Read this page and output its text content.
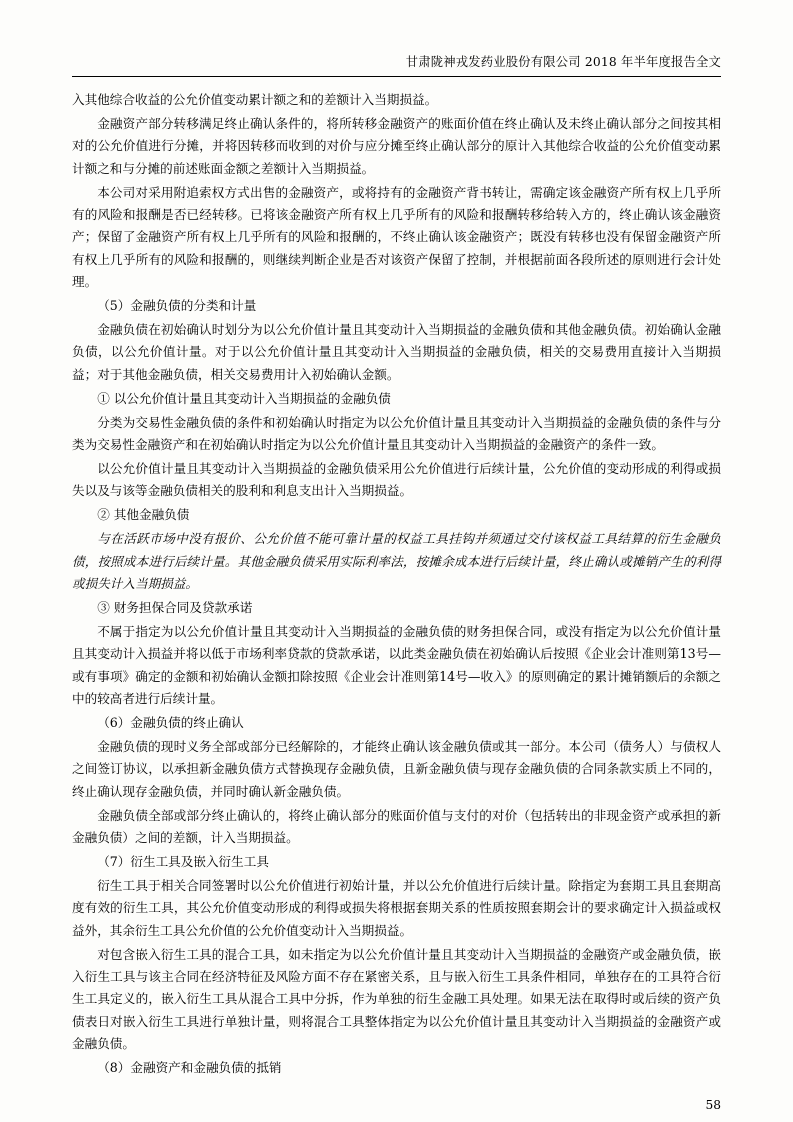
甘肃陇神戎发药业股份有限公司 2018 年半年度报告全文

入其他综合收益的公允价值变动累计额之和的差额计入当期损益。

金融资产部分转移满足终止确认条件的，将所转移金融资产的账面价值在终止确认及未终止确认部分之间按其相对的公允价值进行分摊，并将因转移而收到的对价与应分摊至终止确认部分的原计入其他综合收益的公允价值变动累计额之和与分摊的前述账面金额之差额计入当期损益。

本公司对采用附追索权方式出售的金融资产，或将持有的金融资产背书转让，需确定该金融资产所有权上几乎所有的风险和报酬是否已经转移。已将该金融资产所有权上几乎所有的风险和报酬转移给转入方的，终止确认该金融资产；保留了金融资产所有权上几乎所有的风险和报酬的，不终止确认该金融资产；既没有转移也没有保留金融资产所有权上几乎所有的风险和报酬的，则继续判断企业是否对该资产保留了控制，并根据前面各段所述的原则进行会计处理。

（5）金融负债的分类和计量

金融负债在初始确认时划分为以公允价值计量且其变动计入当期损益的金融负债和其他金融负债。初始确认金融负债，以公允价值计量。对于以公允价值计量且其变动计入当期损益的金融负债，相关的交易费用直接计入当期损益；对于其他金融负债，相关交易费用计入初始确认金额。

① 以公允价值计量且其变动计入当期损益的金融负债

分类为交易性金融负债的条件和初始确认时指定为以公允价值计量且其变动计入当期损益的金融负债的条件与分类为交易性金融资产和在初始确认时指定为以公允价值计量且其变动计入当期损益的金融资产的条件一致。

以公允价值计量且其变动计入当期损益的金融负债采用公允价值进行后续计量，公允价值的变动形成的利得或损失以及与该等金融负债相关的股利和利息支出计入当期损益。

② 其他金融负债

与在活跃市场中没有报价、公允价值不能可靠计量的权益工具挂钩并须通过交付该权益工具结算的衍生金融负债，按照成本进行后续计量。其他金融负债采用实际利率法，按摊余成本进行后续计量，终止确认或摊销产生的利得或损失计入当期损益。

③ 财务担保合同及贷款承诺

不属于指定为以公允价值计量且其变动计入当期损益的金融负债的财务担保合同，或没有指定为以公允价值计量且其变动计入损益并将以低于市场利率贷款的贷款承诺，以此类金融负债在初始确认后按照《企业会计准则第13号—或有事项》确定的金额和初始确认金额扣除按照《企业会计准则第14号—收入》的原则确定的累计摊销额后的余额之中的较高者进行后续计量。

（6）金融负债的终止确认

金融负债的现时义务全部或部分已经解除的，才能终止确认该金融负债或其一部分。本公司（债务人）与债权人之间签订协议，以承担新金融负债方式替换现存金融负债，且新金融负债与现存金融负债的合同条款实质上不同的，终止确认现存金融负债，并同时确认新金融负债。

金融负债全部或部分终止确认的，将终止确认部分的账面价值与支付的对价（包括转出的非现金资产或承担的新金融负债）之间的差额，计入当期损益。

（7）衍生工具及嵌入衍生工具

衍生工具于相关合同签署时以公允价值进行初始计量，并以公允价值进行后续计量。除指定为套期工具且套期高度有效的衍生工具，其公允价值变动形成的利得或损失将根据套期关系的性质按照套期会计的要求确定计入损益或权益外，其余衍生工具公允价值的公允价值变动计入当期损益。

对包含嵌入衍生工具的混合工具，如未指定为以公允价值计量且其变动计入当期损益的金融资产或金融负债，嵌入衍生工具与该主合同在经济特征及风险方面不存在紧密关系，且与嵌入衍生工具条件相同，单独存在的工具符合衍生工具定义的，嵌入衍生工具从混合工具中分拆，作为单独的衍生金融工具处理。如果无法在取得时或后续的资产负债表日对嵌入衍生工具进行单独计量，则将混合工具整体指定为以公允价值计量且其变动计入当期损益的金融资产或金融负债。

（8）金融资产和金融负债的抵销

58
